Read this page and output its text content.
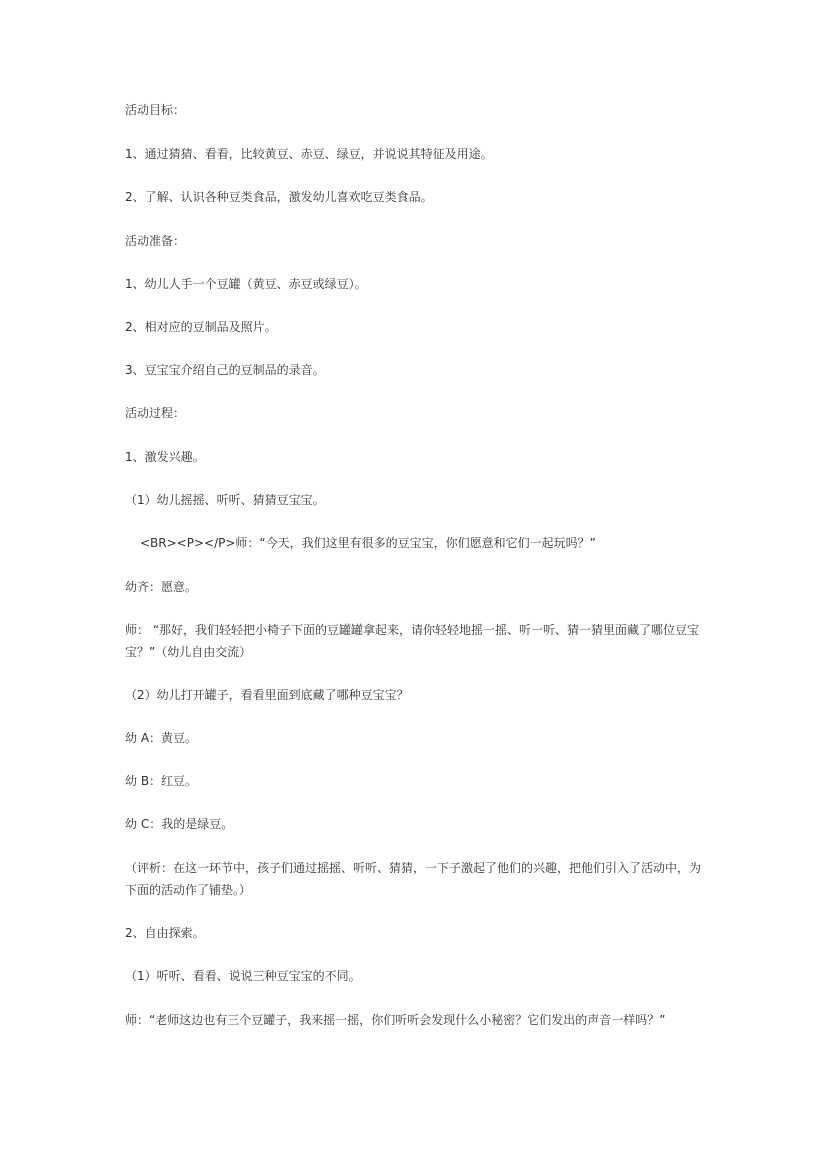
活动目标：

1、通过猜猜、看看，比较黄豆、赤豆、绿豆，并说说其特征及用途。

2、了解、认识各种豆类食品，激发幼儿喜欢吃豆类食品。

活动准备：

1、幼儿人手一个豆罐（黄豆、赤豆或绿豆）。

2、相对应的豆制品及照片。

3、豆宝宝介绍自己的豆制品的录音。

活动过程：

1、激发兴趣。

（1）幼儿摇摇、听听、猜猜豆宝宝。

<BR><P></P>师：“今天，我们这里有很多的豆宝宝，你们愿意和它们一起玩吗？”

幼齐：愿意。

师： “那好，我们轻轻把小椅子下面的豆罐罐拿起来，请你轻轻地摇一摇、听一听、猜一猜里面藏了哪位豆宝宝？”（幼儿自由交流）

（2）幼儿打开罐子，看看里面到底藏了哪种豆宝宝？

幼 A：黄豆。

幼 B：红豆。

幼 C：我的是绿豆。

（评析：在这一环节中，孩子们通过摇摇、听听、猜猜，一下子激起了他们的兴趣，把他们引入了活动中，为下面的活动作了铺垫。）

2、自由探索。

（1）听听、看看、说说三种豆宝宝的不同。

师：“老师这边也有三个豆罐子，我来摇一摇，你们听听会发现什么小秘密？它们发出的声音一样吗？”
